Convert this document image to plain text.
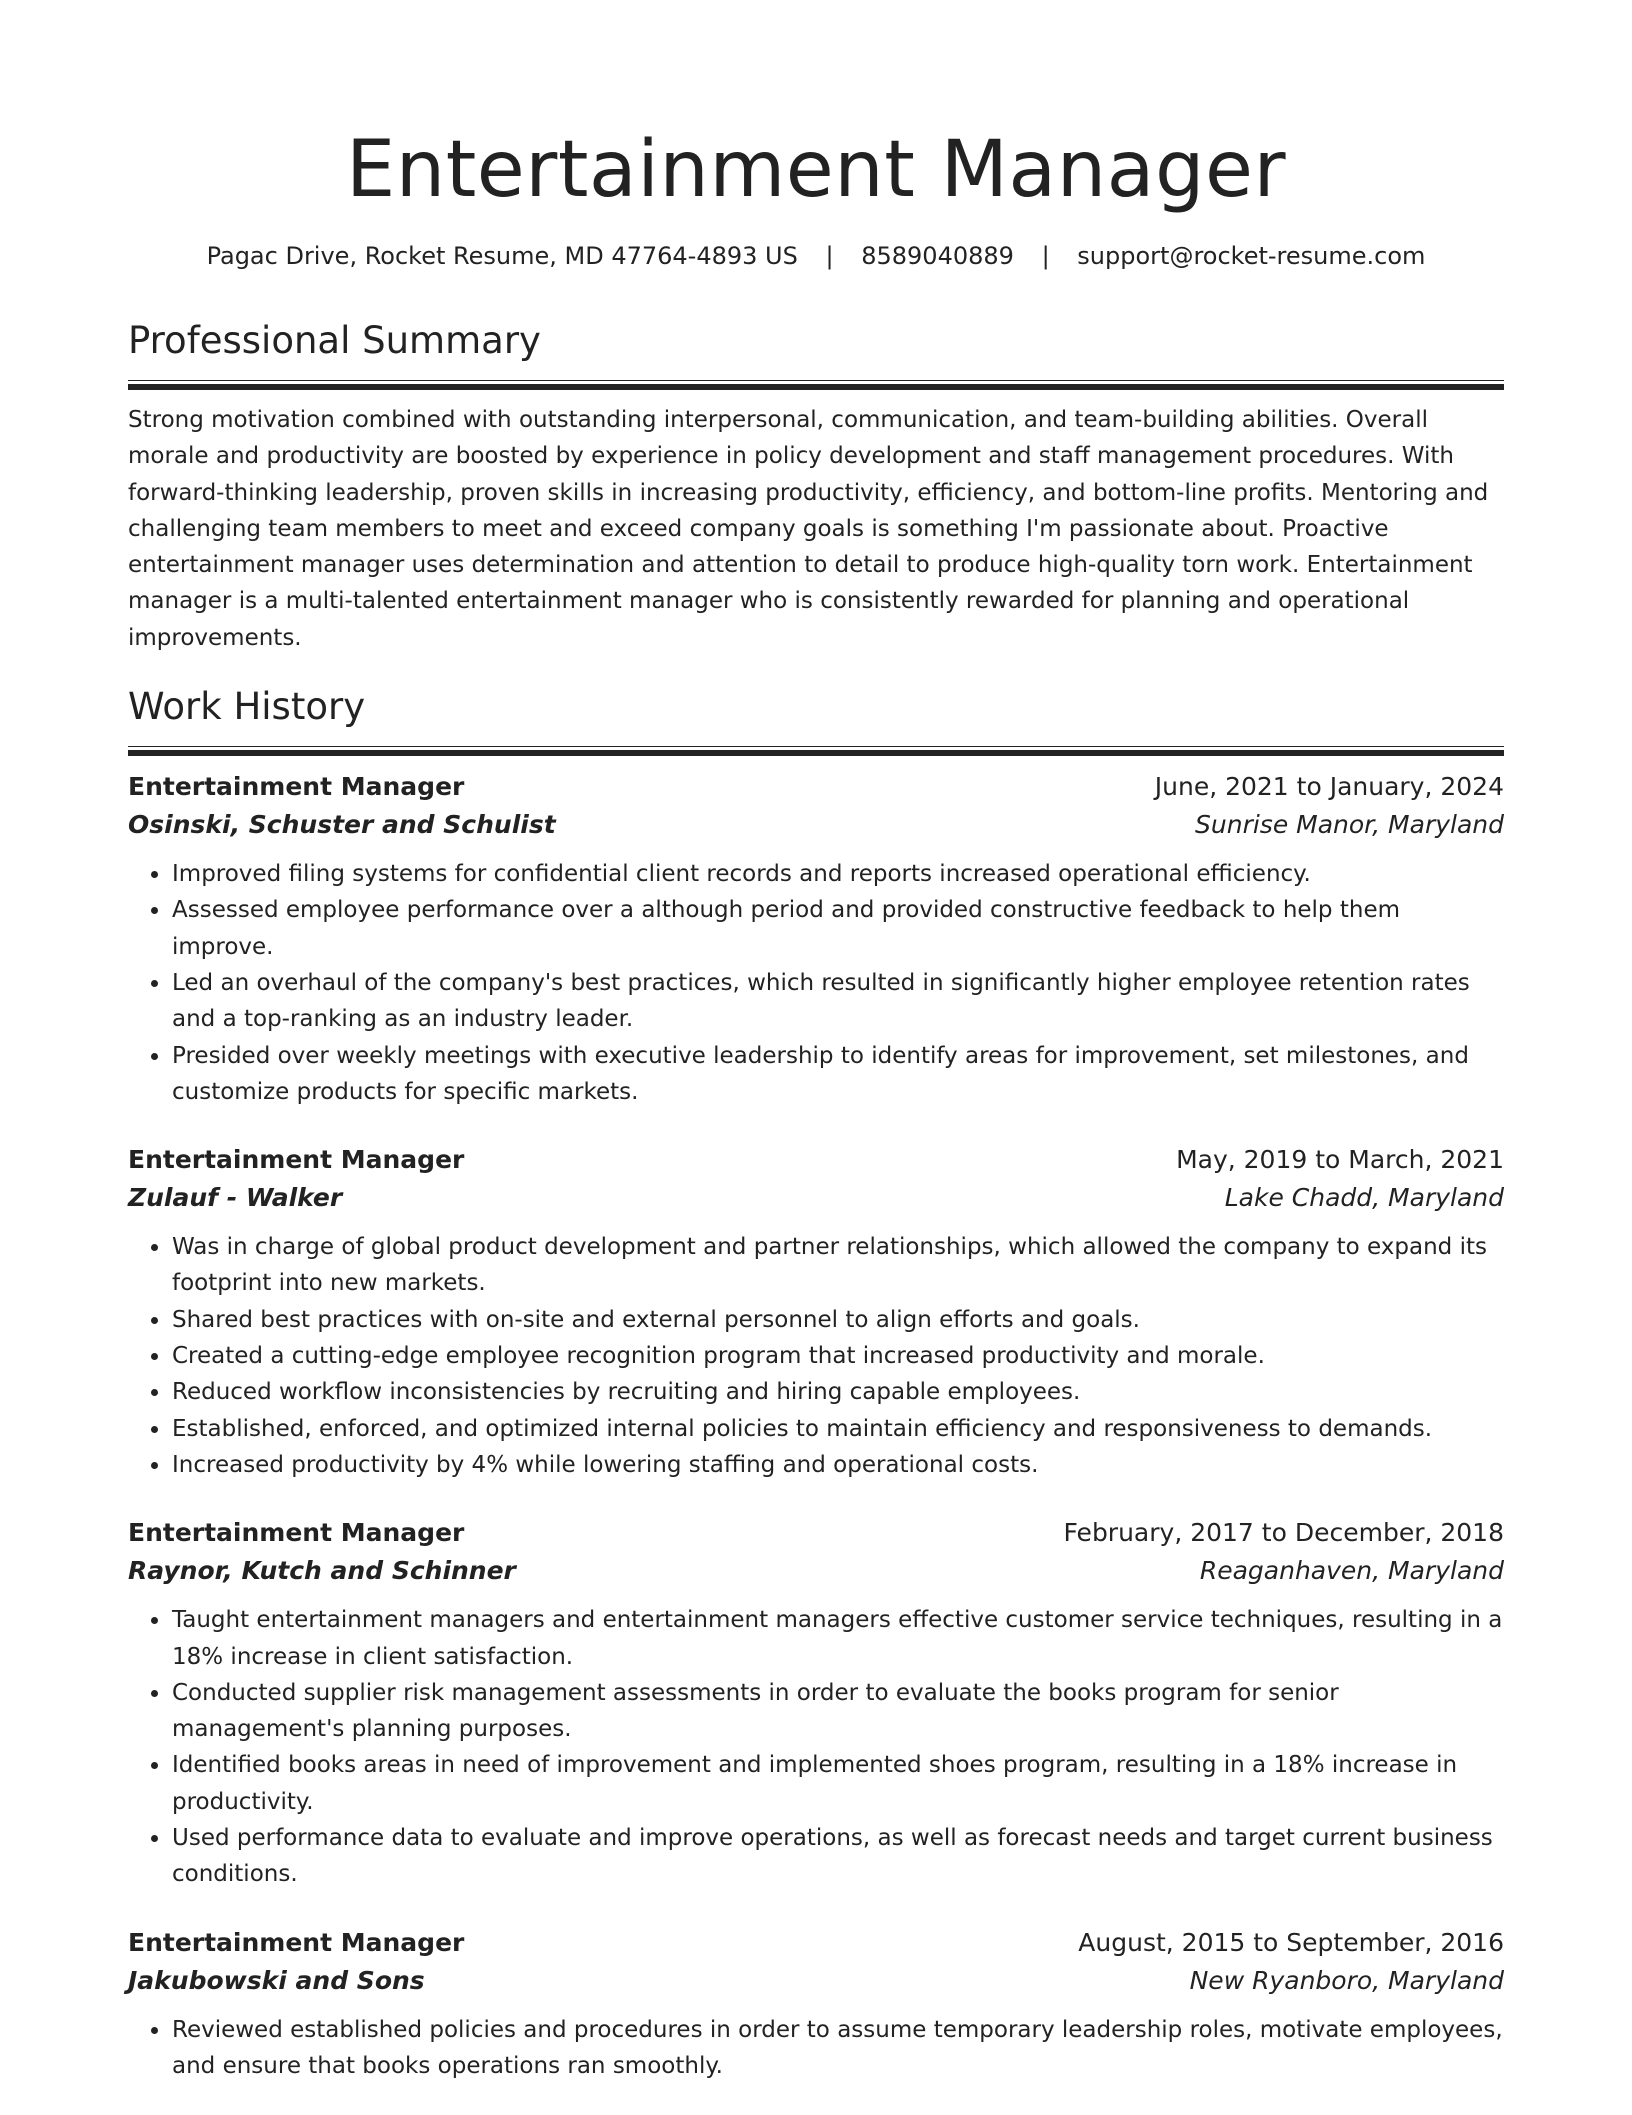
Entertainment Manager
Pagac Drive, Rocket Resume, MD 47764-4893 US | 8589040889 | support@rocket-resume.com
Professional Summary

Strong motivation combined with outstanding interpersonal, communication, and team-building abilities. Overall morale and productivity are boosted by experience in policy development and staff management procedures. With forward-thinking leadership, proven skills in increasing productivity, efficiency, and bottom-line profits. Mentoring and challenging team members to meet and exceed company goals is something I'm passionate about. Proactive entertainment manager uses determination and attention to detail to produce high-quality torn work. Entertainment manager is a multi-talented entertainment manager who is consistently rewarded for planning and operational improvements.

Work History
Entertainment Manager	June, 2021 to January, 2024
Osinski, Schuster and Schulist	Sunrise Manor, Maryland
• Improved filing systems for confidential client records and reports increased operational efficiency.
• Assessed employee performance over a although period and provided constructive feedback to help them improve.
• Led an overhaul of the company's best practices, which resulted in significantly higher employee retention rates and a top-ranking as an industry leader.
• Presided over weekly meetings with executive leadership to identify areas for improvement, set milestones, and customize products for specific markets.
Entertainment Manager	May, 2019 to March, 2021
Zulauf - Walker	Lake Chadd, Maryland
• Was in charge of global product development and partner relationships, which allowed the company to expand its footprint into new markets.
• Shared best practices with on-site and external personnel to align efforts and goals.
• Created a cutting-edge employee recognition program that increased productivity and morale.
• Reduced workflow inconsistencies by recruiting and hiring capable employees.
• Established, enforced, and optimized internal policies to maintain efficiency and responsiveness to demands.
• Increased productivity by 4% while lowering staffing and operational costs.
Entertainment Manager	February, 2017 to December, 2018
Raynor, Kutch and Schinner	Reaganhaven, Maryland
• Taught entertainment managers and entertainment managers effective customer service techniques, resulting in a 18% increase in client satisfaction.
• Conducted supplier risk management assessments in order to evaluate the books program for senior management's planning purposes.
• Identified books areas in need of improvement and implemented shoes program, resulting in a 18% increase in productivity.
• Used performance data to evaluate and improve operations, as well as forecast needs and target current business conditions.
Entertainment Manager	August, 2015 to September, 2016
Jakubowski and Sons	New Ryanboro, Maryland
• Reviewed established policies and procedures in order to assume temporary leadership roles, motivate employees, and ensure that books operations ran smoothly.
